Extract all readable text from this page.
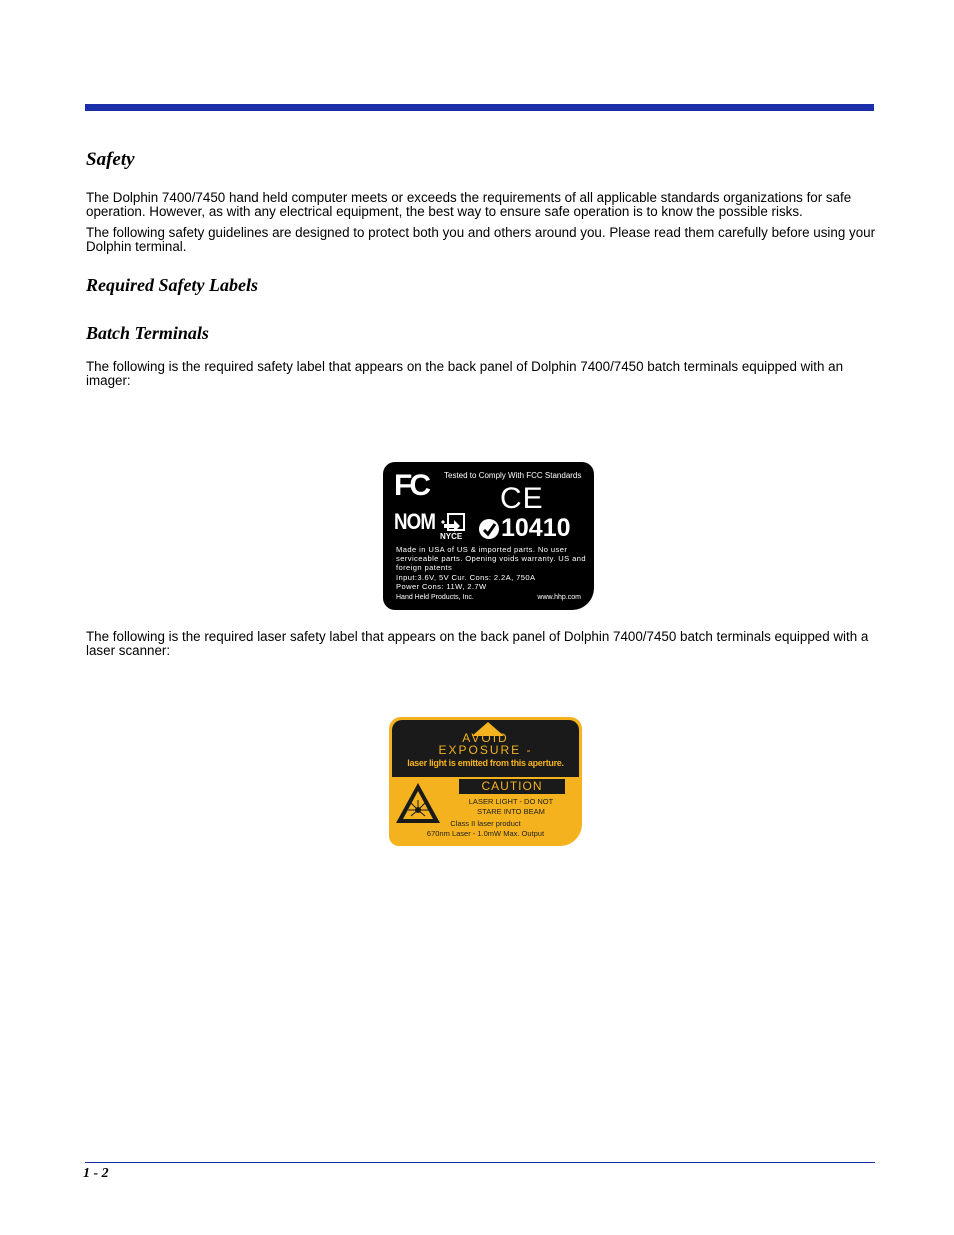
Safety

The Dolphin 7400/7450 hand held computer meets or exceeds the requirements of all applicable standards organizations for safe operation. However, as with any electrical equipment, the best way to ensure safe operation is to know the possible risks.

The following safety guidelines are designed to protect both you and others around you. Please read them carefully before using your Dolphin terminal.

Required Safety Labels
Batch Terminals

The following is the required safety label that appears on the back panel of Dolphin 7400/7450 batch terminals equipped with an imager:

FC Tested to Comply With FCC Standards
CE
NOM
NYCE 10410
Made in USA of US & imported parts. No user serviceable parts. Opening voids warranty. US and foreign patents
Input:3.6V, 5V Cur. Cons: 2.2A, 750A
Power Cons: 11W, 2.7W
Hand Held Products, Inc.	www.hhp.com

The following is the required laser safety label that appears on the back panel of Dolphin 7400/7450 batch terminals equipped with a laser scanner:

AVOID
EXPOSURE -
laser light is emitted from this aperture.
CAUTION
LASER LIGHT - DO NOT
STARE INTO BEAM
Class II laser product
670nm Laser - 1.0mW Max. Output
1 - 2
